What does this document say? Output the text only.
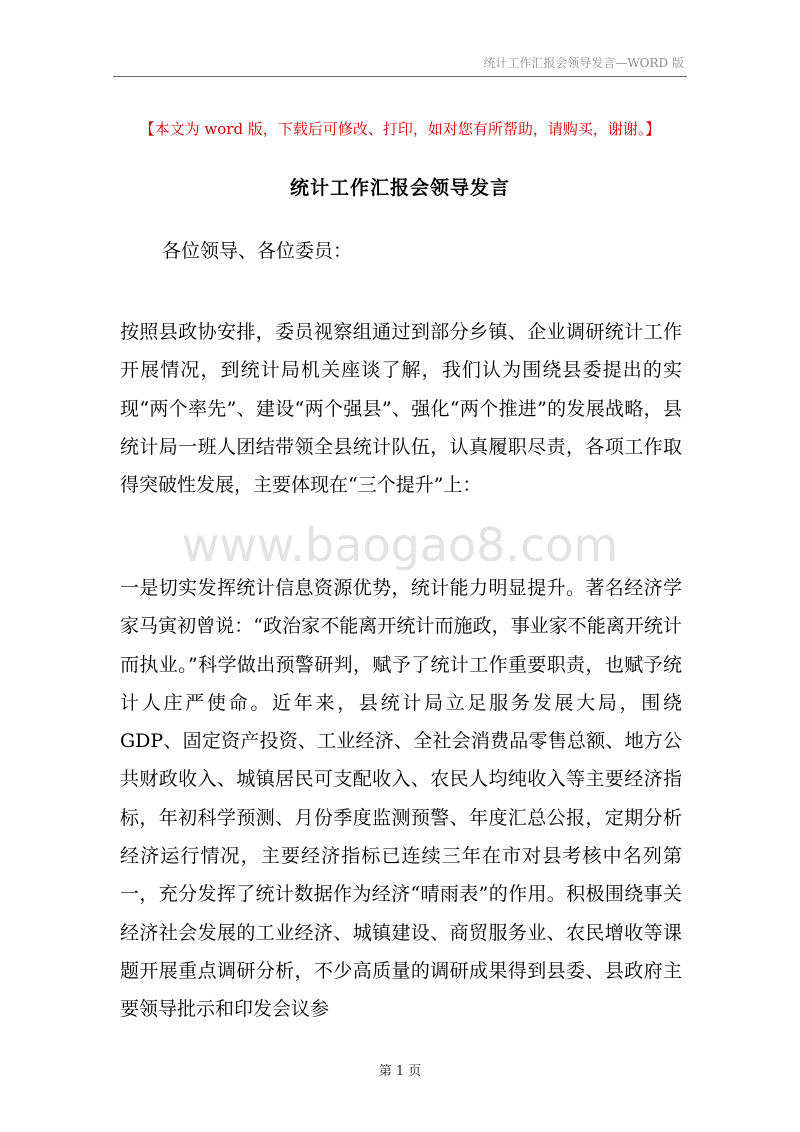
统计工作汇报会领导发言—WORD 版
【本文为 word 版，下载后可修改、打印，如对您有所帮助，请购买，谢谢。】
统计工作汇报会领导发言
各位领导、各位委员：

按照县政协安排，委员视察组通过到部分乡镇、企业调研统计工作开展情况，到统计局机关座谈了解，我们认为围绕县委提出的实现“两个率先”、建设“两个强县”、强化“两个推进”的发展战略，县统计局一班人团结带领全县统计队伍，认真履职尽责，各项工作取得突破性发展，主要体现在“三个提升”上：

www.baogao8.com

一是切实发挥统计信息资源优势，统计能力明显提升。著名经济学家马寅初曾说：“政治家不能离开统计而施政，事业家不能离开统计而执业。”科学做出预警研判，赋予了统计工作重要职责，也赋予统计人庄严使命。近年来，县统计局立足服务发展大局，围绕 GDP、固定资产投资、工业经济、全社会消费品零售总额、地方公共财政收入、城镇居民可支配收入、农民人均纯收入等主要经济指标，年初科学预测、月份季度监测预警、年度汇总公报，定期分析经济运行情况，主要经济指标已连续三年在市对县考核中名列第一，充分发挥了统计数据作为经济“晴雨表”的作用。积极围绕事关经济社会发展的工业经济、城镇建设、商贸服务业、农民增收等课题开展重点调研分析，不少高质量的调研成果得到县委、县政府主要领导批示和印发会议参

第 1 页
